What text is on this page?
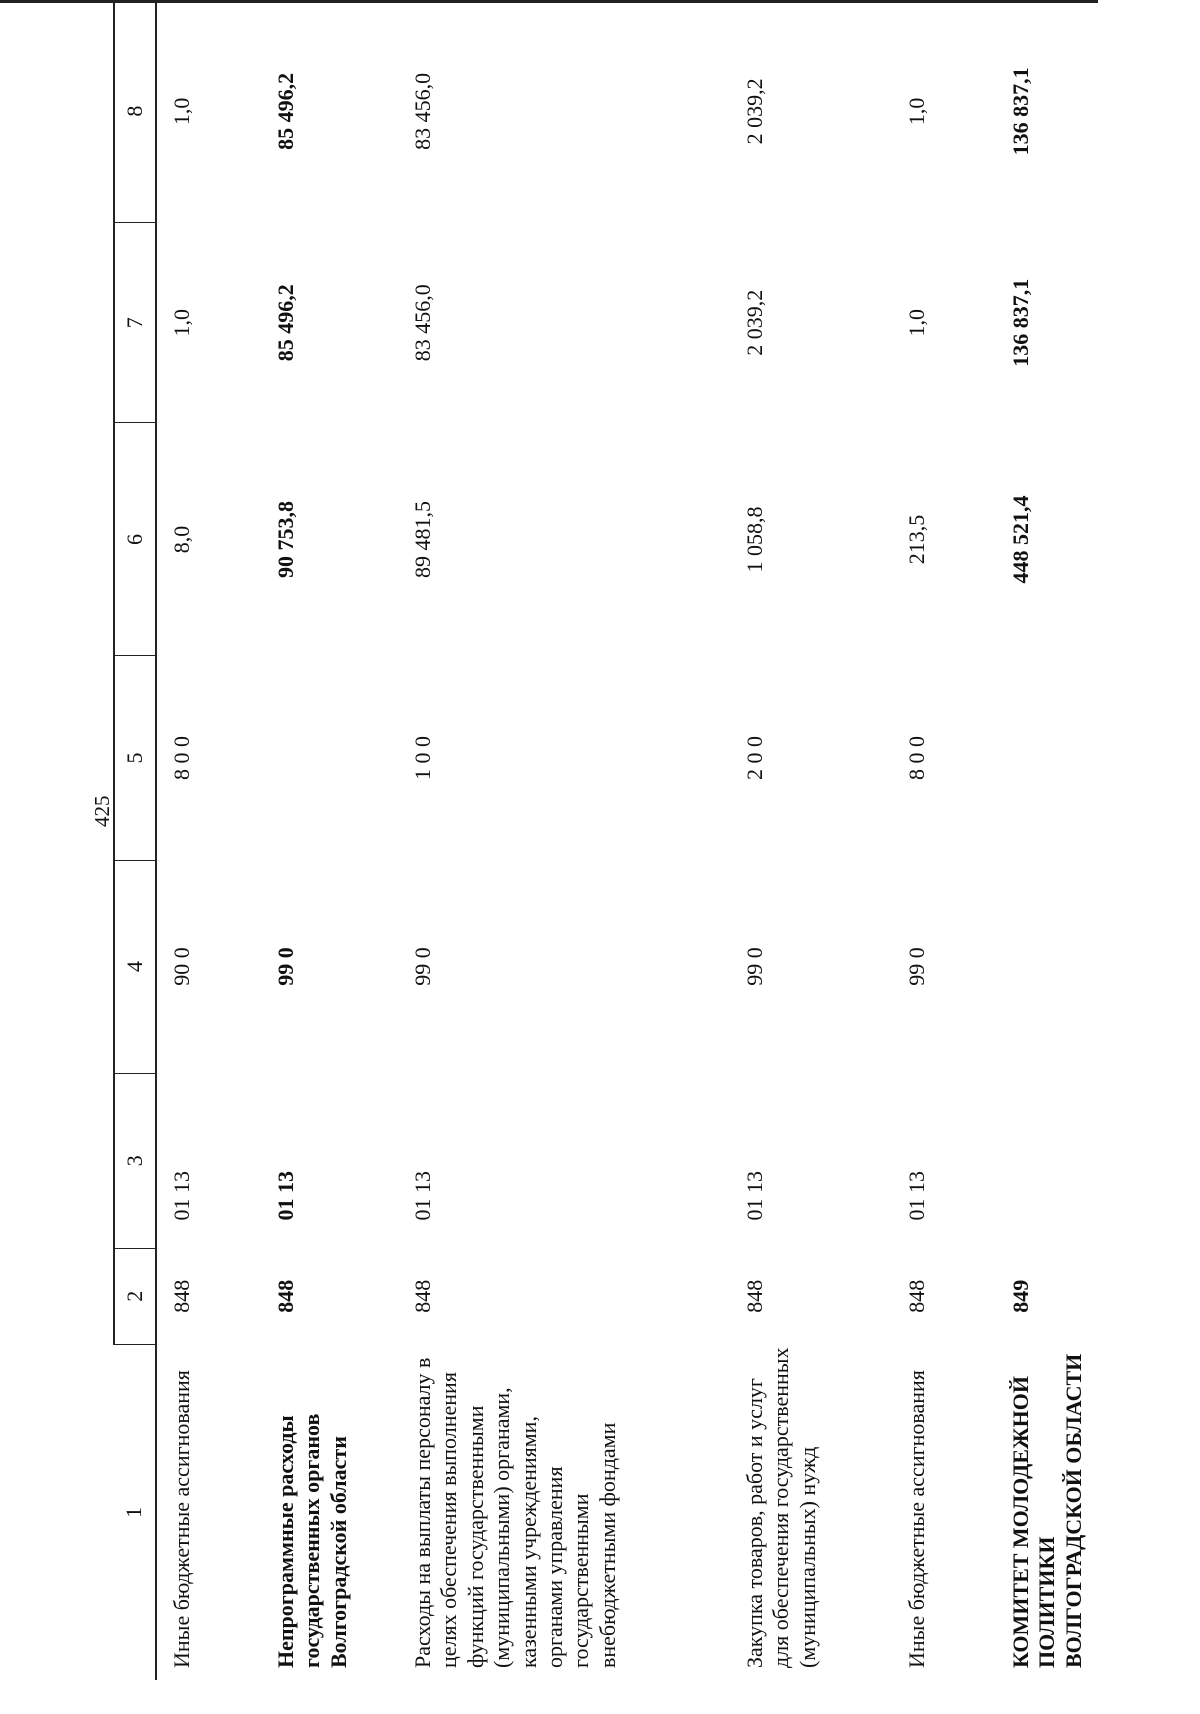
425
1	2	3	4	5	6	7	8
Иные бюджетные ассигнования	848	01 13	90 0	8 0 0	8,0	1,0	1,0
Непрограммные расходы государственных органов Волгоградской области	848	01 13	99 0		90 753,8	85 496,2	85 496,2
Расходы на выплаты персоналу в целях обеспечения выполнения функций государственными (муниципальными) органами, казенными учреждениями, органами управления государственными внебюджетными фондами	848	01 13	99 0	1 0 0	89 481,5	83 456,0	83 456,0
Закупка товаров, работ и услуг для обеспечения государственных (муниципальных) нужд	848	01 13	99 0	2 0 0	1 058,8	2 039,2	2 039,2
Иные бюджетные ассигнования	848	01 13	99 0	8 0 0	213,5	1,0	1,0
КОМИТЕТ МОЛОДЕЖНОЙ ПОЛИТИКИ ВОЛГОГРАДСКОЙ ОБЛАСТИ	849				448 521,4	136 837,1	136 837,1
